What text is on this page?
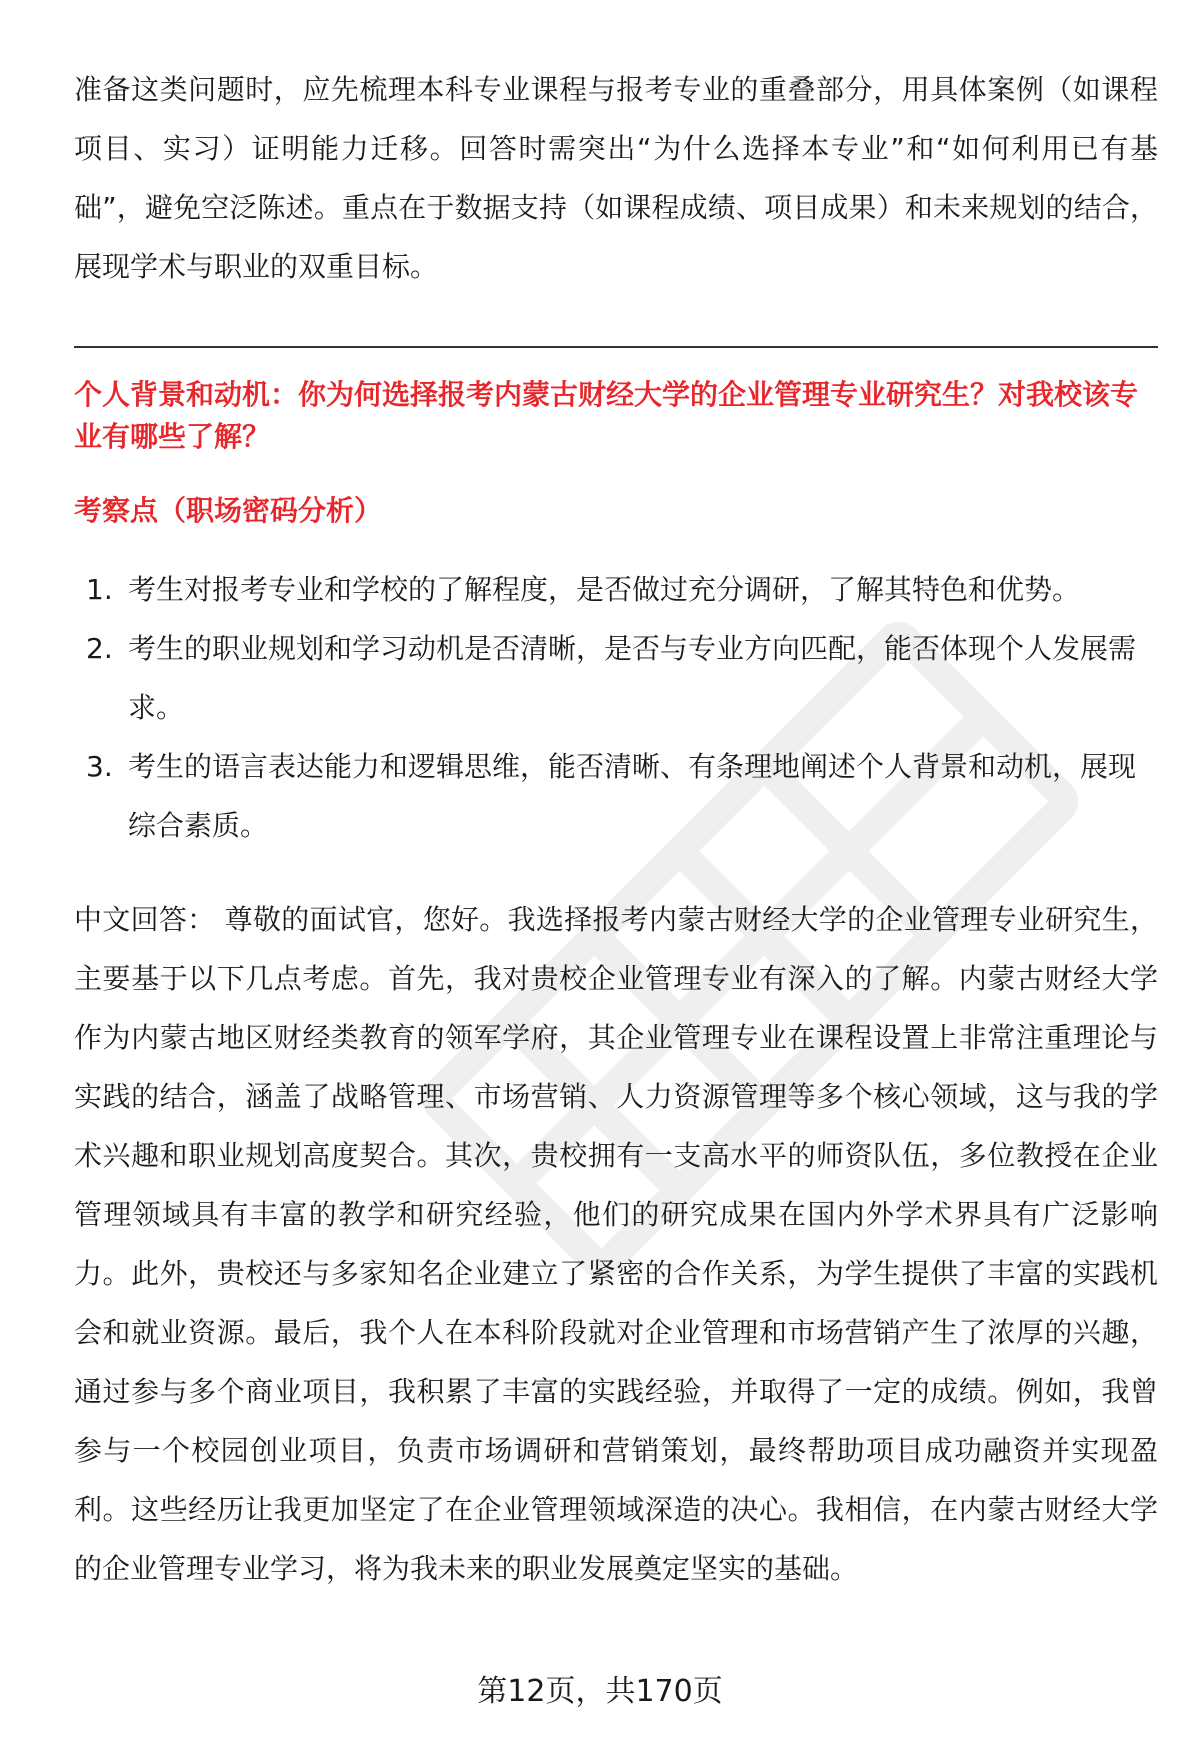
准备这类问题时，应先梳理本科专业课程与报考专业的重叠部分，用具体案例（如课程项目、实习）证明能力迁移。回答时需突出“为什么选择本专业”和“如何利用已有基础”，避免空泛陈述。重点在于数据支持（如课程成绩、项目成果）和未来规划的结合，展现学术与职业的双重目标。

个人背景和动机：你为何选择报考内蒙古财经大学的企业管理专业研究生？对我校该专业有哪些了解？

考察点（职场密码分析）

1. 考生对报考专业和学校的了解程度，是否做过充分调研，了解其特色和优势。
2. 考生的职业规划和学习动机是否清晰，是否与专业方向匹配，能否体现个人发展需求。
3. 考生的语言表达能力和逻辑思维，能否清晰、有条理地阐述个人背景和动机，展现综合素质。

中文回答： 尊敬的面试官，您好。我选择报考内蒙古财经大学的企业管理专业研究生，主要基于以下几点考虑。首先，我对贵校企业管理专业有深入的了解。内蒙古财经大学作为内蒙古地区财经类教育的领军学府，其企业管理专业在课程设置上非常注重理论与实践的结合，涵盖了战略管理、市场营销、人力资源管理等多个核心领域，这与我的学术兴趣和职业规划高度契合。其次，贵校拥有一支高水平的师资队伍，多位教授在企业管理领域具有丰富的教学和研究经验，他们的研究成果在国内外学术界具有广泛影响力。此外，贵校还与多家知名企业建立了紧密的合作关系，为学生提供了丰富的实践机会和就业资源。最后，我个人在本科阶段就对企业管理和市场营销产生了浓厚的兴趣，通过参与多个商业项目，我积累了丰富的实践经验，并取得了一定的成绩。例如，我曾参与一个校园创业项目，负责市场调研和营销策划，最终帮助项目成功融资并实现盈利。这些经历让我更加坚定了在企业管理领域深造的决心。我相信，在内蒙古财经大学的企业管理专业学习，将为我未来的职业发展奠定坚实的基础。

第12页，共170页
